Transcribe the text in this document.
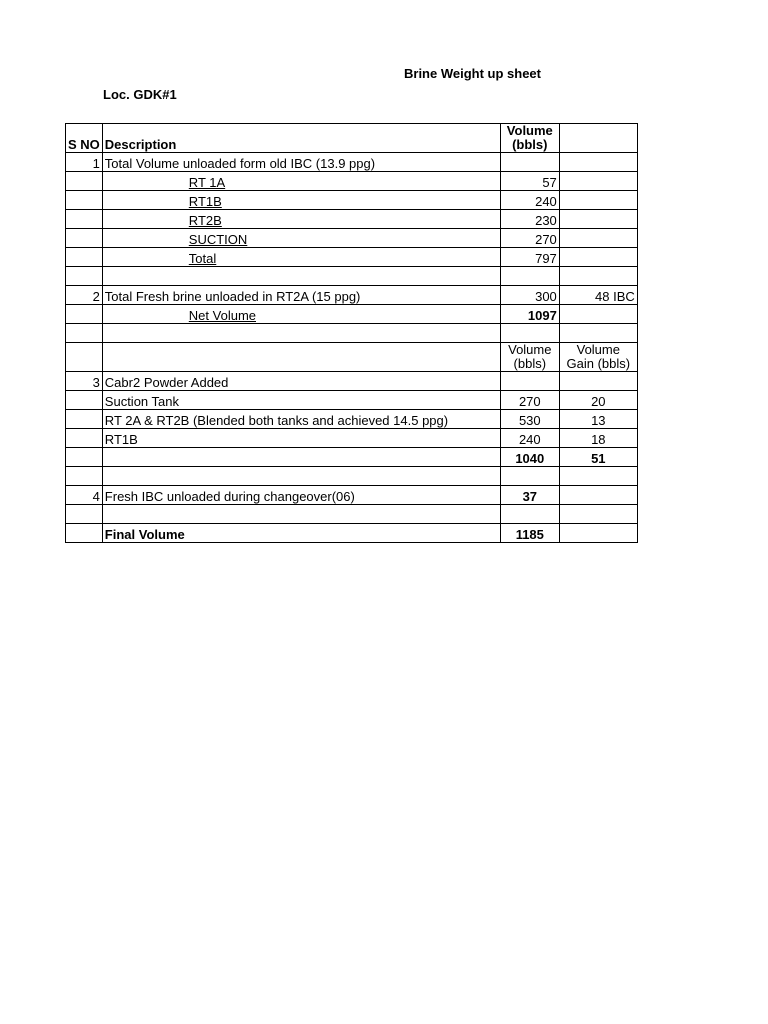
Brine Weight up sheet
Loc. GDK#1
S NO	Description	Volume (bbls)	
1	Total Volume unloaded form old IBC (13.9 ppg)		
	RT 1A	57	
	RT1B	240	
	RT2B	230	
	SUCTION	270	
	Total	797	

2	Total Fresh brine unloaded in RT2A (15 ppg)	300	48 IBC
	Net Volume	1097	

		Volume (bbls)	Volume Gain (bbls)
3	Cabr2 Powder Added		
	Suction Tank	270	20
	RT 2A & RT2B (Blended both tanks and achieved 14.5 ppg)	530	13
	RT1B	240	18
		1040	51

4	Fresh IBC unloaded during changeover(06)	37	

	Final Volume	1185	
